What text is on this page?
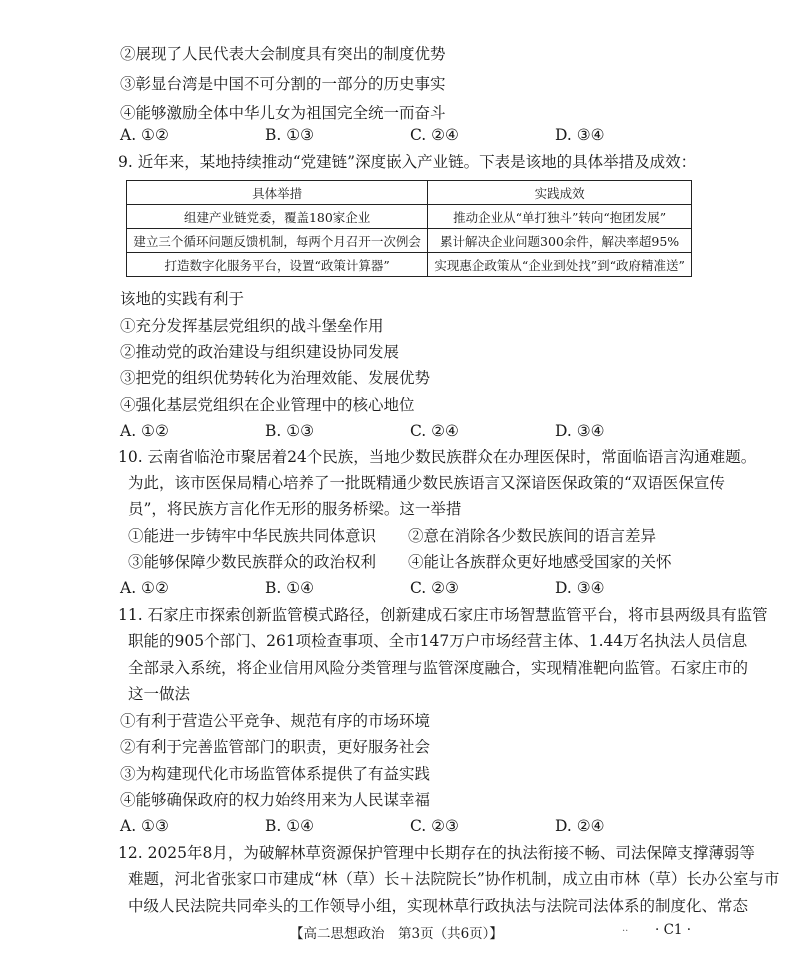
②展现了人民代表大会制度具有突出的制度优势
③彰显台湾是中国不可分割的一部分的历史事实
④能够激励全体中华儿女为祖国完全统一而奋斗
A. ①②	B. ①③	C. ②④	D. ③④
9. 近年来，某地持续推动“党建链”深度嵌入产业链。下表是该地的具体举措及成效：
具体举措	实践成效
组建产业链党委，覆盖180家企业	推动企业从“单打独斗”转向“抱团发展”
建立三个循环问题反馈机制，每两个月召开一次例会	累计解决企业问题300余件，解决率超95%
打造数字化服务平台，设置“政策计算器”	实现惠企政策从“企业到处找”到“政府精准送”
该地的实践有利于
①充分发挥基层党组织的战斗堡垒作用
②推动党的政治建设与组织建设协同发展
③把党的组织优势转化为治理效能、发展优势
④强化基层党组织在企业管理中的核心地位
A. ①②	B. ①③	C. ②④	D. ③④
10. 云南省临沧市聚居着24个民族，当地少数民族群众在办理医保时，常面临语言沟通难题。
为此，该市医保局精心培养了一批既精通少数民族语言又深谙医保政策的“双语医保宣传
员”，将民族方言化作无形的服务桥梁。这一举措
①能进一步铸牢中华民族共同体意识 ②意在消除各少数民族间的语言差异
③能够保障少数民族群众的政治权利 ④能让各族群众更好地感受国家的关怀
A. ①②	B. ①④	C. ②③	D. ③④
11. 石家庄市探索创新监管模式路径，创新建成石家庄市场智慧监管平台，将市县两级具有监管
职能的905个部门、261项检查事项、全市147万户市场经营主体、1.44万名执法人员信息
全部录入系统，将企业信用风险分类管理与监管深度融合，实现精准靶向监管。石家庄市的
这一做法
①有利于营造公平竞争、规范有序的市场环境
②有利于完善监管部门的职责，更好服务社会
③为构建现代化市场监管体系提供了有益实践
④能够确保政府的权力始终用来为人民谋幸福
A. ①③	B. ①④	C. ②③	D. ②④
12. 2025年8月，为破解林草资源保护管理中长期存在的执法衔接不畅、司法保障支撑薄弱等
难题，河北省张家口市建成“林（草）长＋法院院长”协作机制，成立由市林（草）长办公室与市
中级人民法院共同牵头的工作领导小组，实现林草行政执法与法院司法体系的制度化、常态
【高二思想政治　第3页（共6页）】	·· · C1 ·
